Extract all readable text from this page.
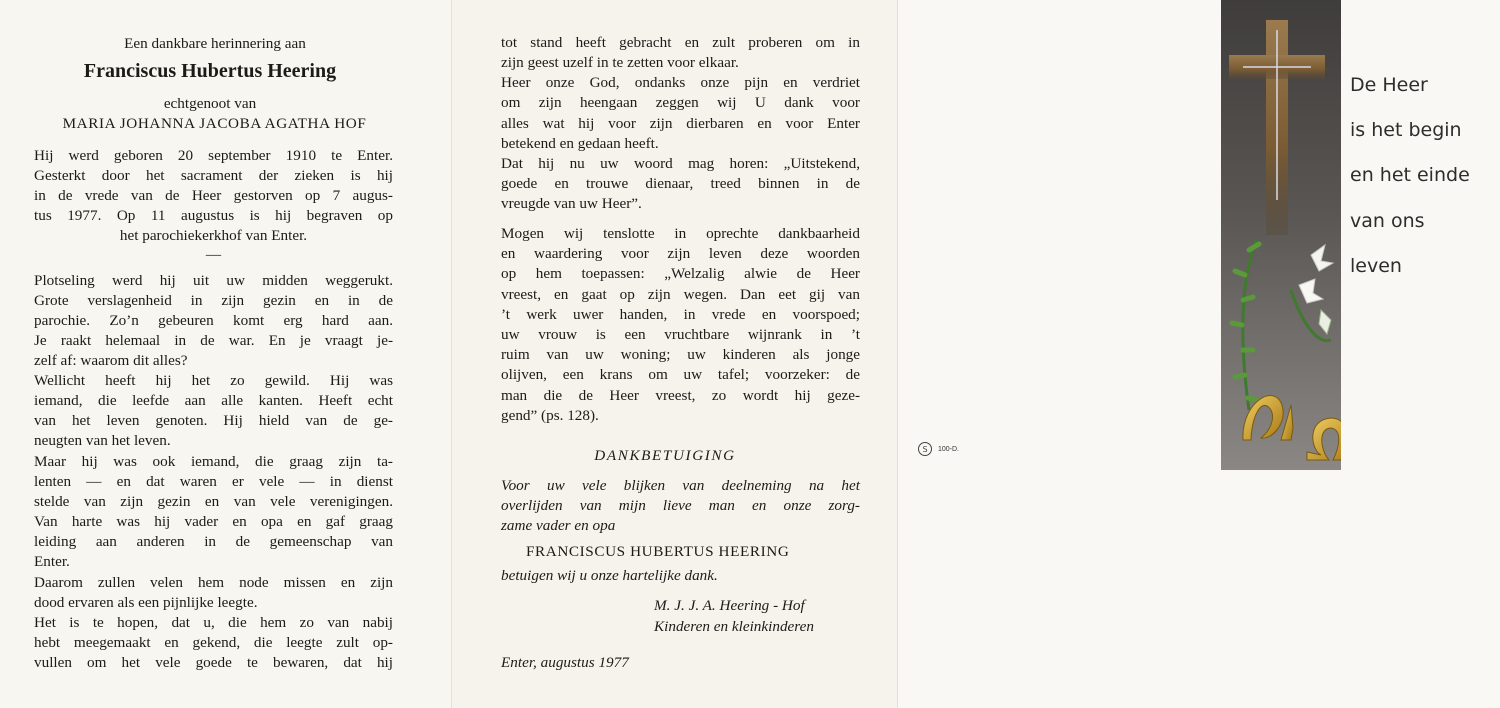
Een dankbare herinnering aan
Franciscus Hubertus Heering
echtgenoot van
MARIA JOHANNA JACOBA AGATHA HOF
Hij werd geboren 20 september 1910 te Enter.
Gesterkt door het sacrament der zieken is hij
in de vrede van de Heer gestorven op 7 augus-
tus 1977. Op 11 augustus is hij begraven op
het parochiekerkhof van Enter.
—
Plotseling werd hij uit uw midden weggerukt.
Grote verslagenheid in zijn gezin en in de
parochie. Zo’n gebeuren komt erg hard aan.
Je raakt helemaal in de war. En je vraagt je-
zelf af: waarom dit alles?
Wellicht heeft hij het zo gewild. Hij was
iemand, die leefde aan alle kanten. Heeft echt
van het leven genoten. Hij hield van de ge-
neugten van het leven.
Maar hij was ook iemand, die graag zijn ta-
lenten — en dat waren er vele — in dienst
stelde van zijn gezin en van vele verenigingen.
Van harte was hij vader en opa en gaf graag
leiding aan anderen in de gemeenschap van
Enter.
Daarom zullen velen hem node missen en zijn
dood ervaren als een pijnlijke leegte.
Het is te hopen, dat u, die hem zo van nabij
hebt meegemaakt en gekend, die leegte zult op-
vullen om het vele goede te bewaren, dat hij
tot stand heeft gebracht en zult proberen om in
zijn geest uzelf in te zetten voor elkaar.
Heer onze God, ondanks onze pijn en verdriet
om zijn heengaan zeggen wij U dank voor
alles wat hij voor zijn dierbaren en voor Enter
betekend en gedaan heeft.
Dat hij nu uw woord mag horen: „Uitstekend,
goede en trouwe dienaar, treed binnen in de
vreugde van uw Heer”.
Mogen wij tenslotte in oprechte dankbaarheid
en waardering voor zijn leven deze woorden
op hem toepassen: „Welzalig alwie de Heer
vreest, en gaat op zijn wegen. Dan eet gij van
’t werk uwer handen, in vrede en voorspoed;
uw vrouw is een vruchtbare wijnrank in ’t
ruim van uw woning; uw kinderen als jonge
olijven, een krans om uw tafel; voorzeker: de
man die de Heer vreest, zo wordt hij geze-
gend” (ps. 128).
DANKBETUIGING
Voor uw vele blijken van deelneming na het
overlijden van mijn lieve man en onze zorg-
zame vader en opa
FRANCISCUS HUBERTUS HEERING
betuigen wij u onze hartelijke dank.
M. J. J. A. Heering - Hof
Kinderen en kleinkinderen
Enter, augustus 1977
S 100-D.
De Heer
is het begin
en het einde
van ons
leven
